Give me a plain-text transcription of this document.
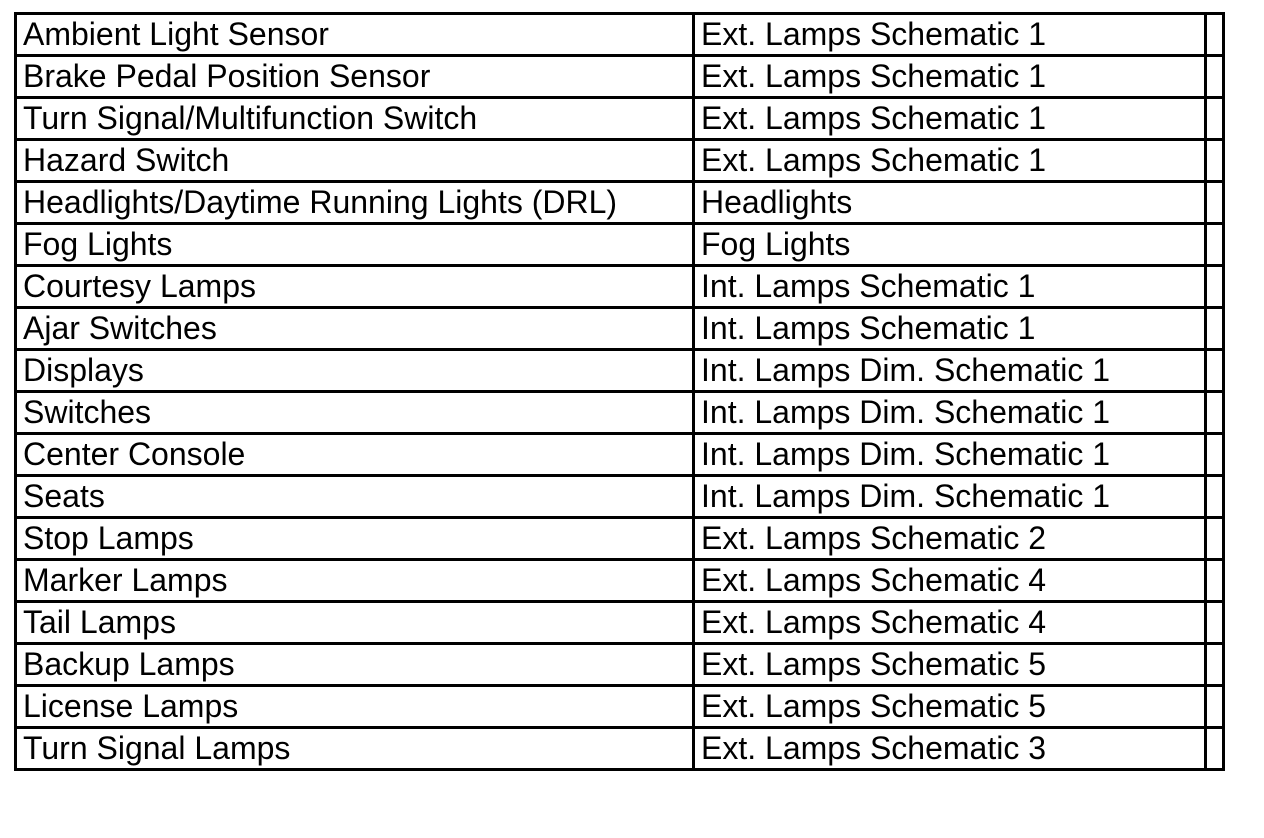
Ambient Light Sensor	Ext. Lamps Schematic 1	
Brake Pedal Position Sensor	Ext. Lamps Schematic 1	
Turn Signal/Multifunction Switch	Ext. Lamps Schematic 1	
Hazard Switch	Ext. Lamps Schematic 1	
Headlights/Daytime Running Lights (DRL)	Headlights	
Fog Lights	Fog Lights	
Courtesy Lamps	Int. Lamps Schematic 1	
Ajar Switches	Int. Lamps Schematic 1	
Displays	Int. Lamps Dim. Schematic 1	
Switches	Int. Lamps Dim. Schematic 1	
Center Console	Int. Lamps Dim. Schematic 1	
Seats	Int. Lamps Dim. Schematic 1	
Stop Lamps	Ext. Lamps Schematic 2	
Marker Lamps	Ext. Lamps Schematic 4	
Tail Lamps	Ext. Lamps Schematic 4	
Backup Lamps	Ext. Lamps Schematic 5	
License Lamps	Ext. Lamps Schematic 5	
Turn Signal Lamps	Ext. Lamps Schematic 3	
